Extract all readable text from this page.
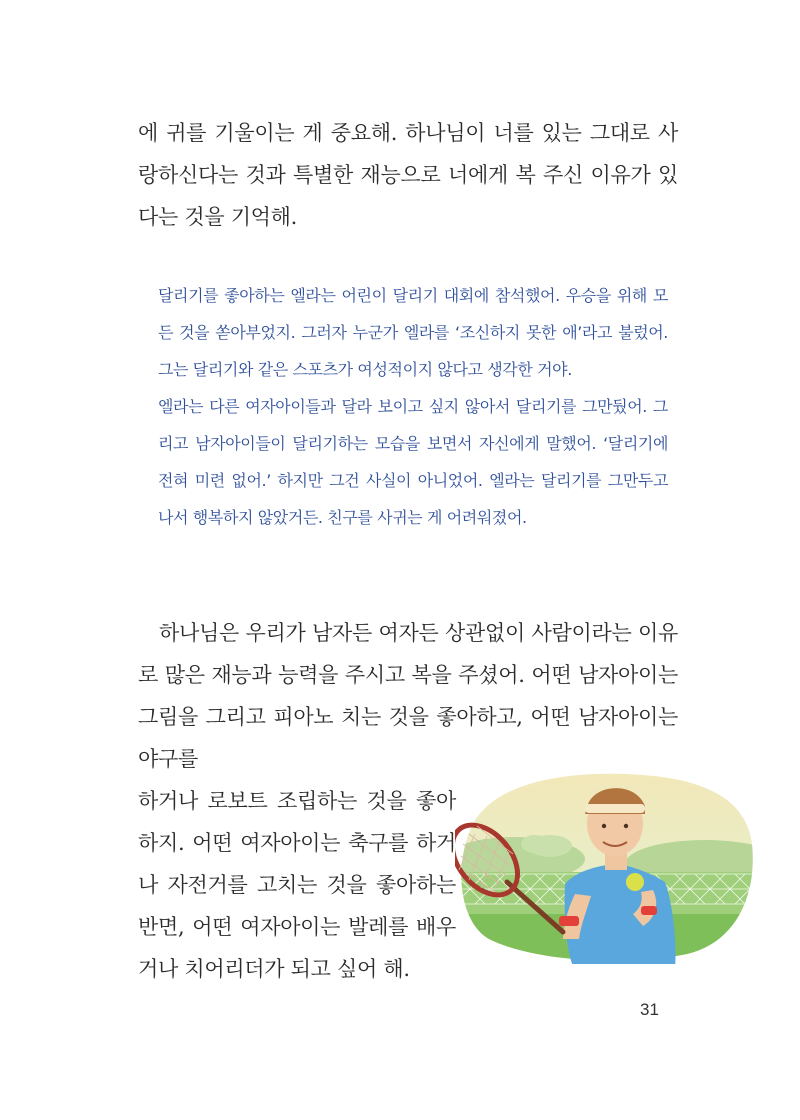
에 귀를 기울이는 게 중요해. 하나님이 너를 있는 그대로 사랑하신다는 것과 특별한 재능으로 너에게 복 주신 이유가 있다는 것을 기억해.

달리기를 좋아하는 엘라는 어린이 달리기 대회에 참석했어. 우승을 위해 모든 것을 쏟아부었지. 그러자 누군가 엘라를 ‘조신하지 못한 애’라고 불렀어. 그는 달리기와 같은 스포츠가 여성적이지 않다고 생각한 거야.

엘라는 다른 여자아이들과 달라 보이고 싶지 않아서 달리기를 그만뒀어. 그리고 남자아이들이 달리기하는 모습을 보면서 자신에게 말했어. ‘달리기에 전혀 미련 없어.’ 하지만 그건 사실이 아니었어. 엘라는 달리기를 그만두고 나서 행복하지 않았거든. 친구를 사귀는 게 어려워졌어.

하나님은 우리가 남자든 여자든 상관없이 사람이라는 이유로 많은 재능과 능력을 주시고 복을 주셨어. 어떤 남자아이는 그림을 그리고 피아노 치는 것을 좋아하고, 어떤 남자아이는 야구를

하거나 로보트 조립하는 것을 좋아하지. 어떤 여자아이는 축구를 하거나 자전거를 고치는 것을 좋아하는 반면, 어떤 여자아이는 발레를 배우거나 치어리더가 되고 싶어 해.

31
